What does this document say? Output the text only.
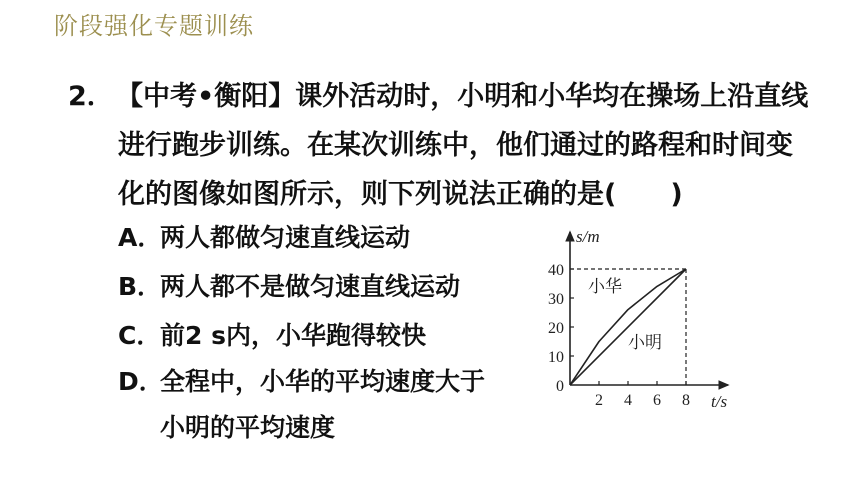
阶段强化专题训练
2． 【中考•衡阳】课外活动时，小明和小华均在操场上沿直线
进行跑步训练。在某次训练中，他们通过的路程和时间变
化的图像如图所示，则下列说法正确的是(　　)
A．两人都做匀速直线运动
B．两人都不是做匀速直线运动
C．前2 s内，小华跑得较快
D．全程中，小华的平均速度大于
小明的平均速度
s/m
t/s
2 4 6 8
0
10
20
30
40
小华
小明
